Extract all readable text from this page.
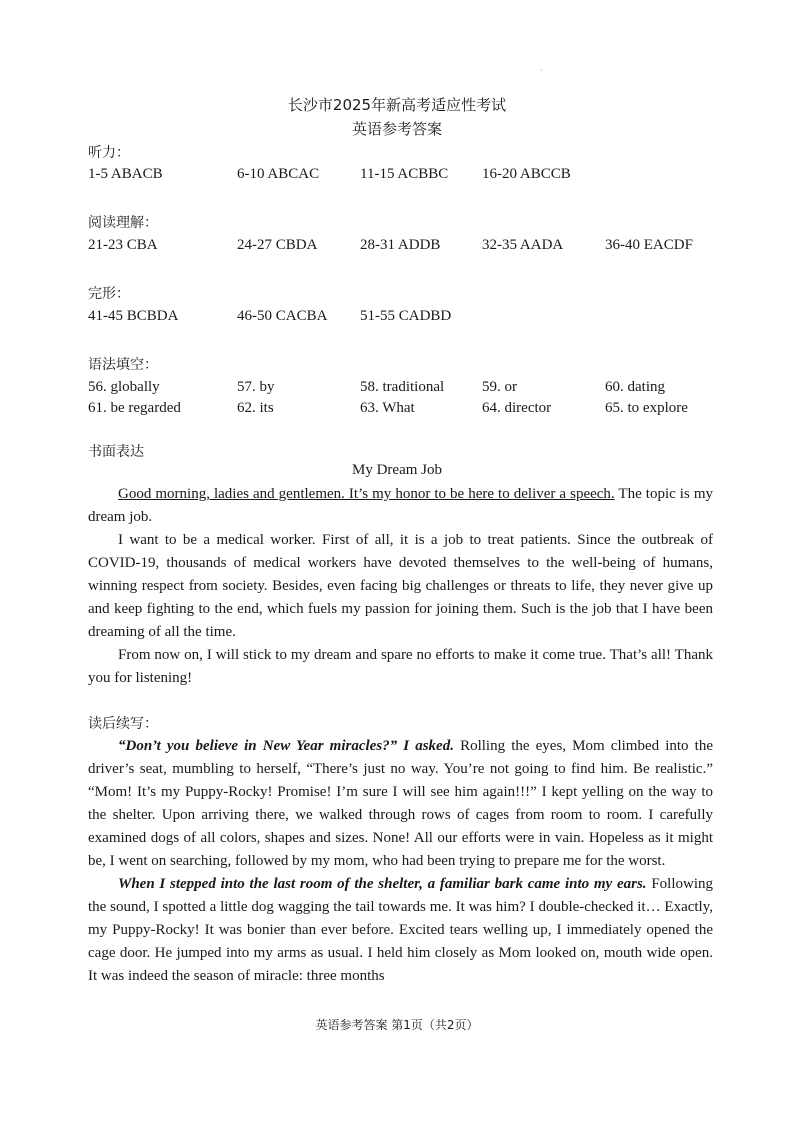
·
长沙市2025年新高考适应性考试
英语参考答案
听力：
1-5 ABACB	6-10 ABCAC	11-15 ACBBC 16-20 ABCCB
阅读理解：
21-23 CBA	24-27 CBDA	28-31 ADDB	32-35 AADA	36-40 EACDF
完形：
41-45 BCBDA	46-50 CACBA 51-55 CADBD
语法填空：
56. globally	57. by	58. traditional	59. or	60. dating
61. be regarded	62. its	63. What	64. director	65. to explore
书面表达
My Dream Job

Good morning, ladies and gentlemen. It’s my honor to be here to deliver a speech. The topic is my dream job.

I want to be a medical worker. First of all, it is a job to treat patients. Since the outbreak of COVID-19, thousands of medical workers have devoted themselves to the well-being of humans, winning respect from society. Besides, even facing big challenges or threats to life, they never give up and keep fighting to the end, which fuels my passion for joining them. Such is the job that I have been dreaming of all the time.

From now on, I will stick to my dream and spare no efforts to make it come true. That’s all! Thank you for listening!

读后续写：

“Don’t you believe in New Year miracles?” I asked. Rolling the eyes, Mom climbed into the driver’s seat, mumbling to herself, “There’s just no way. You’re not going to find him. Be realistic.” “Mom! It’s my Puppy-Rocky! Promise! I’m sure I will see him again!!!” I kept yelling on the way to the shelter. Upon arriving there, we walked through rows of cages from room to room. I carefully examined dogs of all colors, shapes and sizes. None! All our efforts were in vain. Hopeless as it might be, I went on searching, followed by my mom, who had been trying to prepare me for the worst.

When I stepped into the last room of the shelter, a familiar bark came into my ears. Following the sound, I spotted a little dog wagging the tail towards me. It was him? I double-checked it… Exactly, my Puppy-Rocky! It was bonier than ever before. Excited tears welling up, I immediately opened the cage door. He jumped into my arms as usual. I held him closely as Mom looked on, mouth wide open. It was indeed the season of miracle: three months

英语参考答案 第1页（共2页）
